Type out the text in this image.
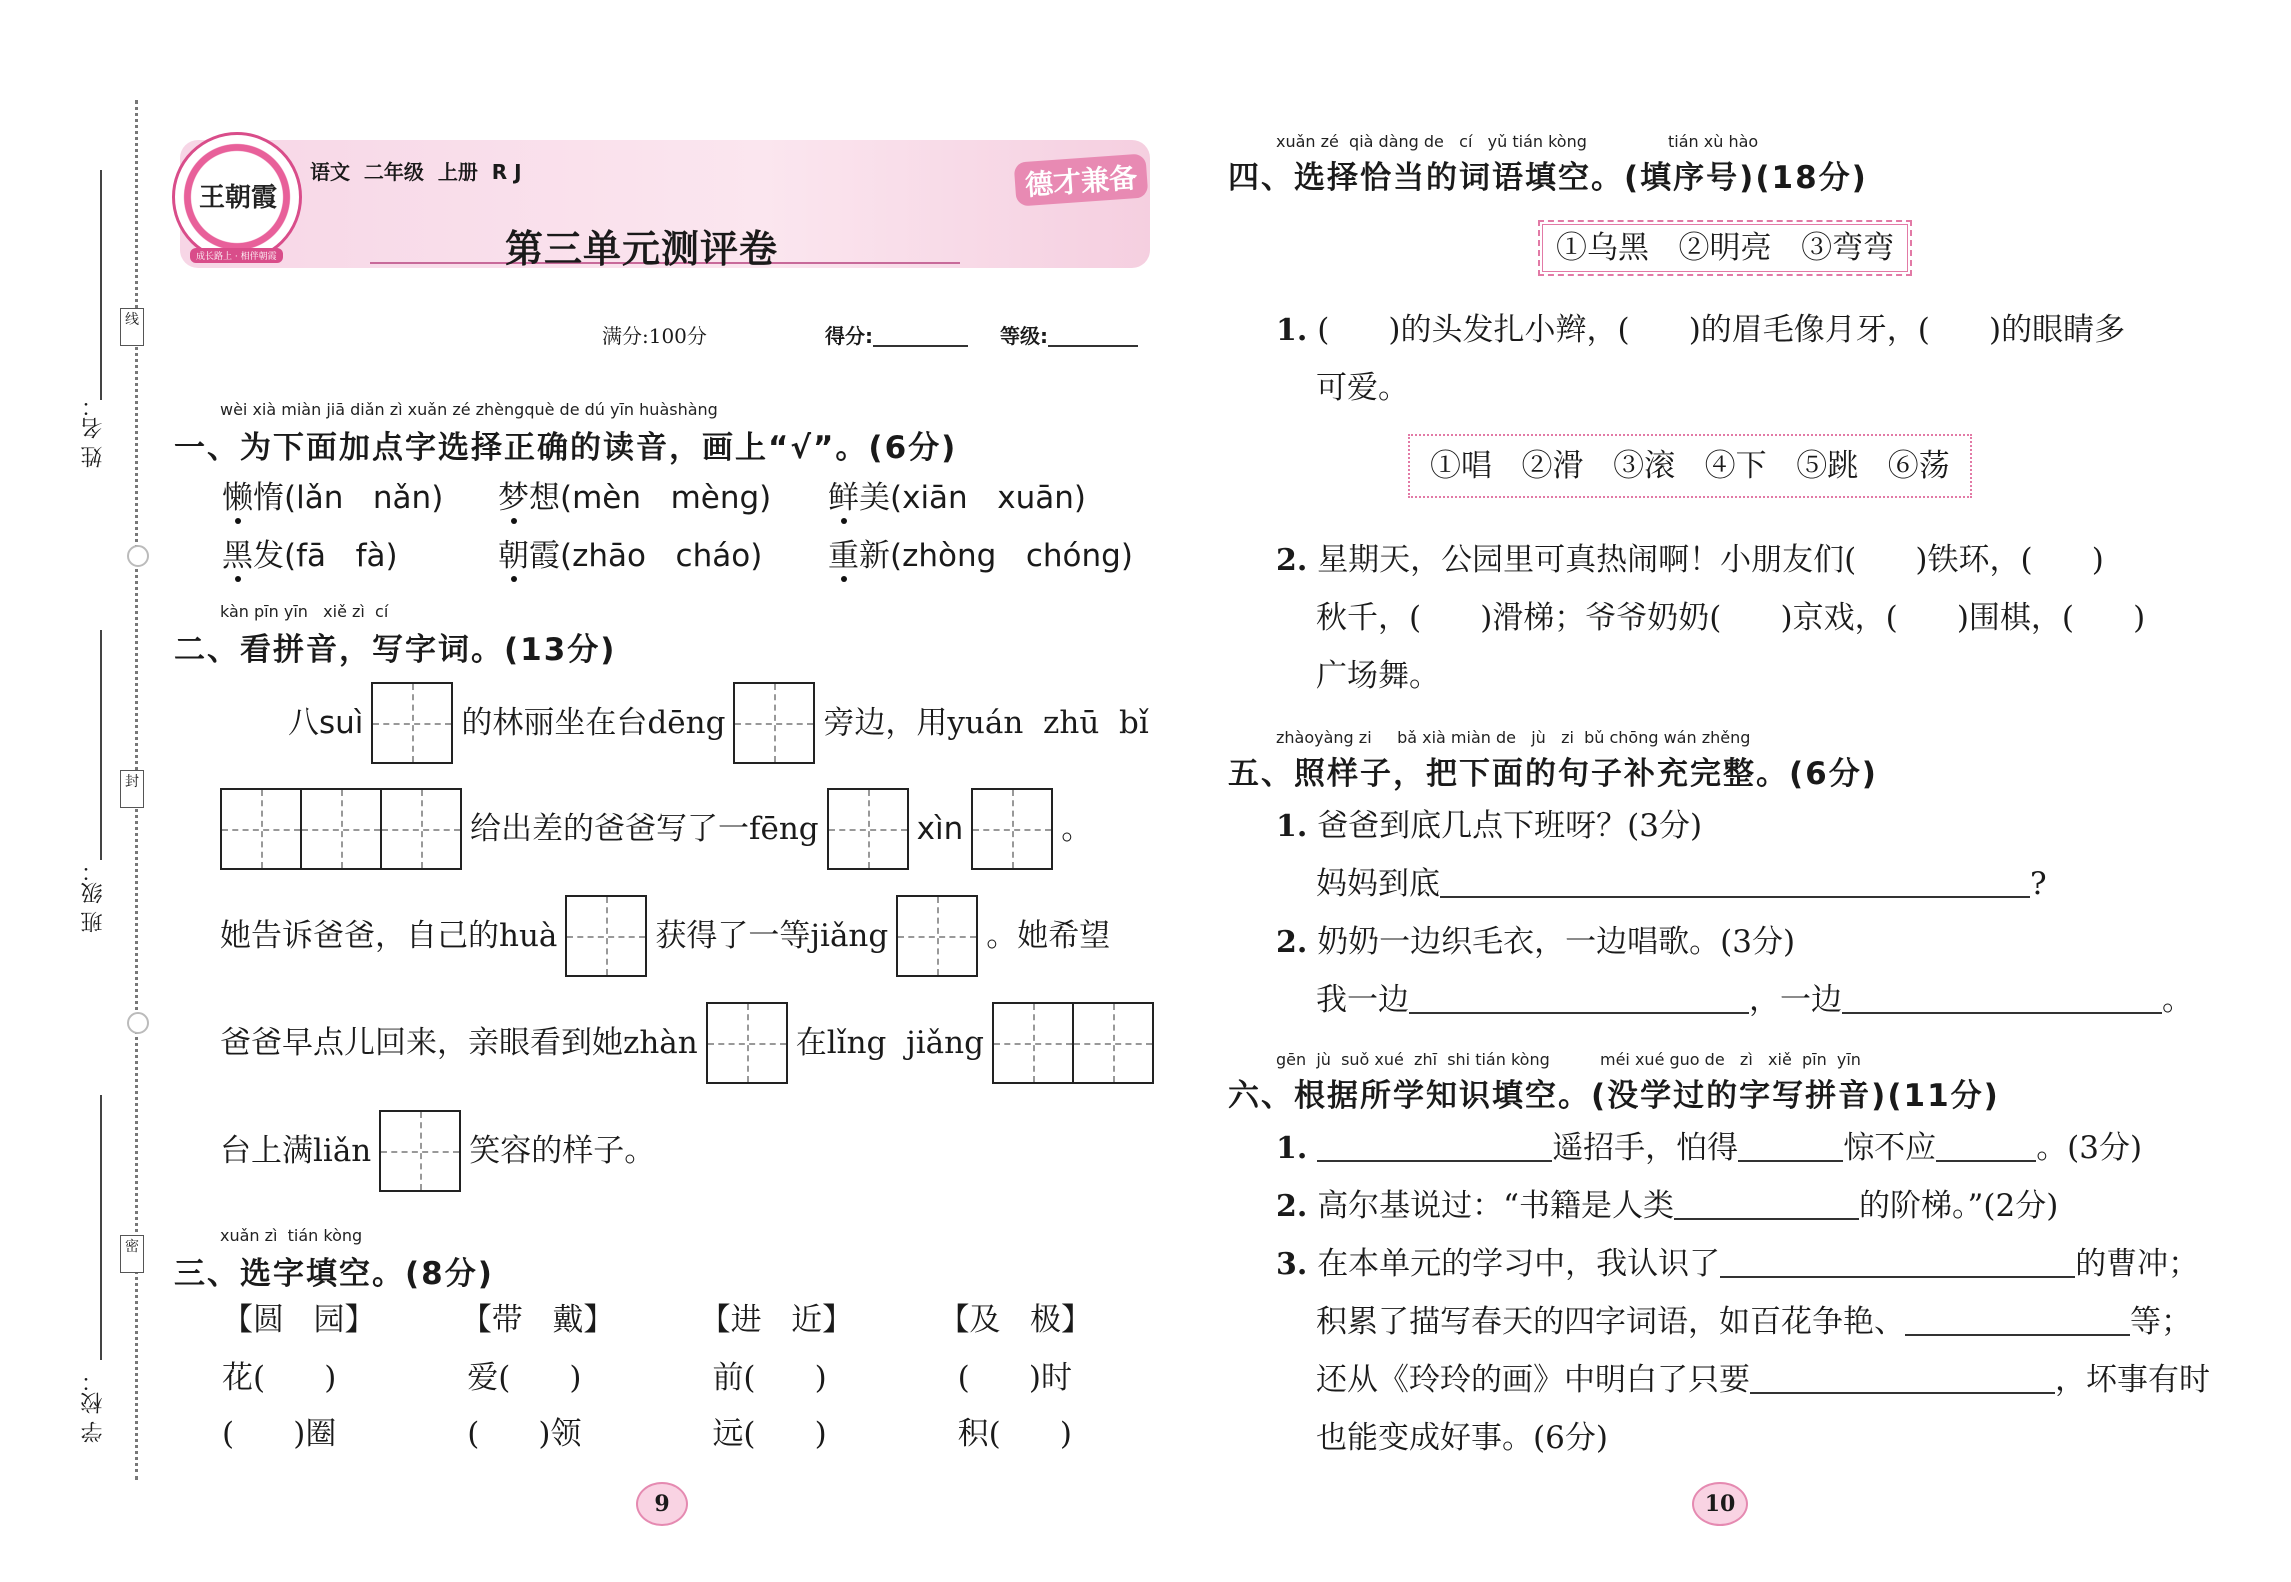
姓 名：
线
班 级：
封
学 校：
密
王朝霞
成长路上 · 相伴朝霞
语文  二年级  上册  R J
第三单元测评卷
德才兼备
满分:100分	得分:	等级:
wèi xià miàn jiā diǎn zì xuǎn zé zhèngquè de dú yīn huàshàng
一、为下面加点字选择正确的读音，画上“√”。(6分)
懒惰(lǎn   nǎn) 梦想(mèn   mèng) 鲜美(xiān   xuān)
黑发(fā   fà)	朝霞(zhāo   cháo) 重新(zhòng   chóng)
kàn pīn yīn   xiě zì  cí
二、看拼音，写字词。(13分)
八suì	的林丽坐在台dēng	旁边，用yuán  zhū  bǐ
给出差的爸爸写了一fēng	xìn	。
她告诉爸爸，自己的huà	获得了一等jiǎng	。她希望
爸爸早点儿回来，亲眼看到她zhàn	在lǐng  jiǎng
台上满liǎn	笑容的样子。
xuǎn zì  tián kòng
三、选字填空。(8分)
【圆   园】	【带   戴】	【进   近】	【及   极】
花(      )	爱(      )	前(      )	(      )时
(      )圈	(      )领	远(      )	积(      )
9
xuǎn zé  qià dàng de   cí   yǔ tián kòng	tián xù hào
四、选择恰当的词语填空。(填序号)(18分)
①乌黑   ②明亮   ③弯弯
1. (      )的头发扎小辫，(      )的眉毛像月牙，(      )的眼睛多
可爱。
①唱   ②滑   ③滚   ④下   ⑤跳   ⑥荡
2. 星期天，公园里可真热闹啊！小朋友们(      )铁环，(      )
秋千，(      )滑梯；爷爷奶奶(      )京戏，(      )围棋，(      )
广场舞。
zhàoyàng zi     bǎ xià miàn de   jù   zi  bǔ chōng wán zhěng
五、照样子，把下面的句子补充完整。(6分)
1. 爸爸到底几点下班呀？(3分)
妈妈到底	?
2. 奶奶一边织毛衣，一边唱歌。(3分)
我一边	，一边	。
gēn  jù  suǒ xué  zhī  shi tián kòng	méi xué guo de   zì   xiě  pīn  yīn
六、根据所学知识填空。(没学过的字写拼音)(11分)
1.	遥招手，怕得	惊不应	。(3分)
2. 高尔基说过：“书籍是人类	的阶梯。”(2分)
3. 在本单元的学习中，我认识了	的曹冲；
积累了描写春天的四字词语，如百花争艳、	等；
还从《玲玲的画》中明白了只要	，坏事有时
也能变成好事。(6分)
10
